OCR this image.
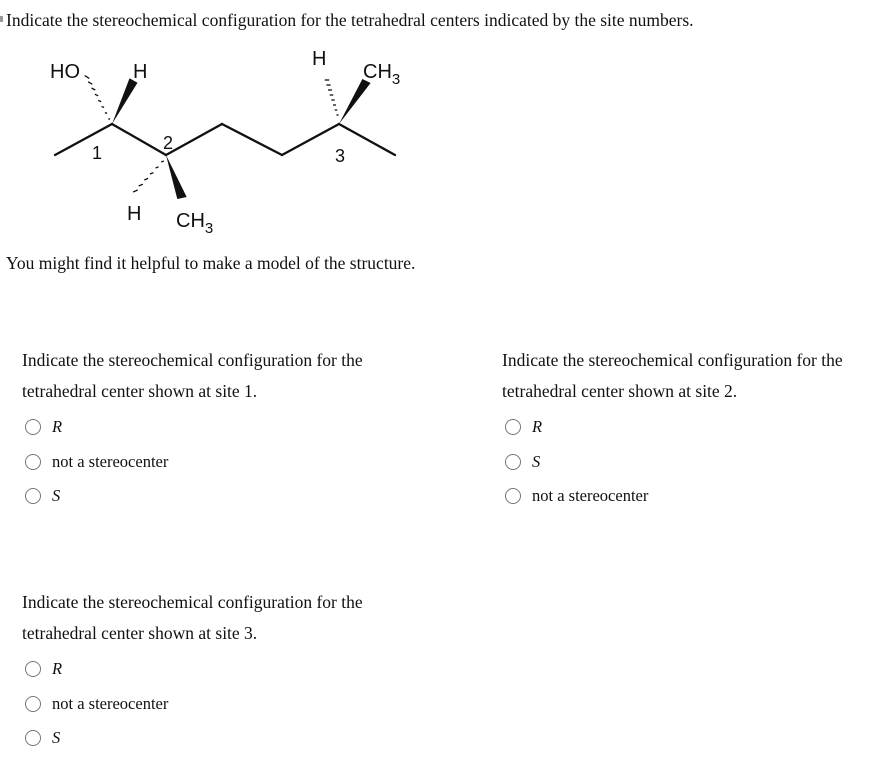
Indicate the stereochemical configuration for the tetrahedral centers indicated by the site numbers.

HO	H
H
$CH_3$
H $CH_3$
1	2
3

You might find it helpful to make a model of the structure.

Indicate the stereochemical configuration for the
tetrahedral center shown at site 1.

R
not a stereocenter
S

Indicate the stereochemical configuration for the
tetrahedral center shown at site 2.

R
S
not a stereocenter

Indicate the stereochemical configuration for the
tetrahedral center shown at site 3.

R
not a stereocenter
S
